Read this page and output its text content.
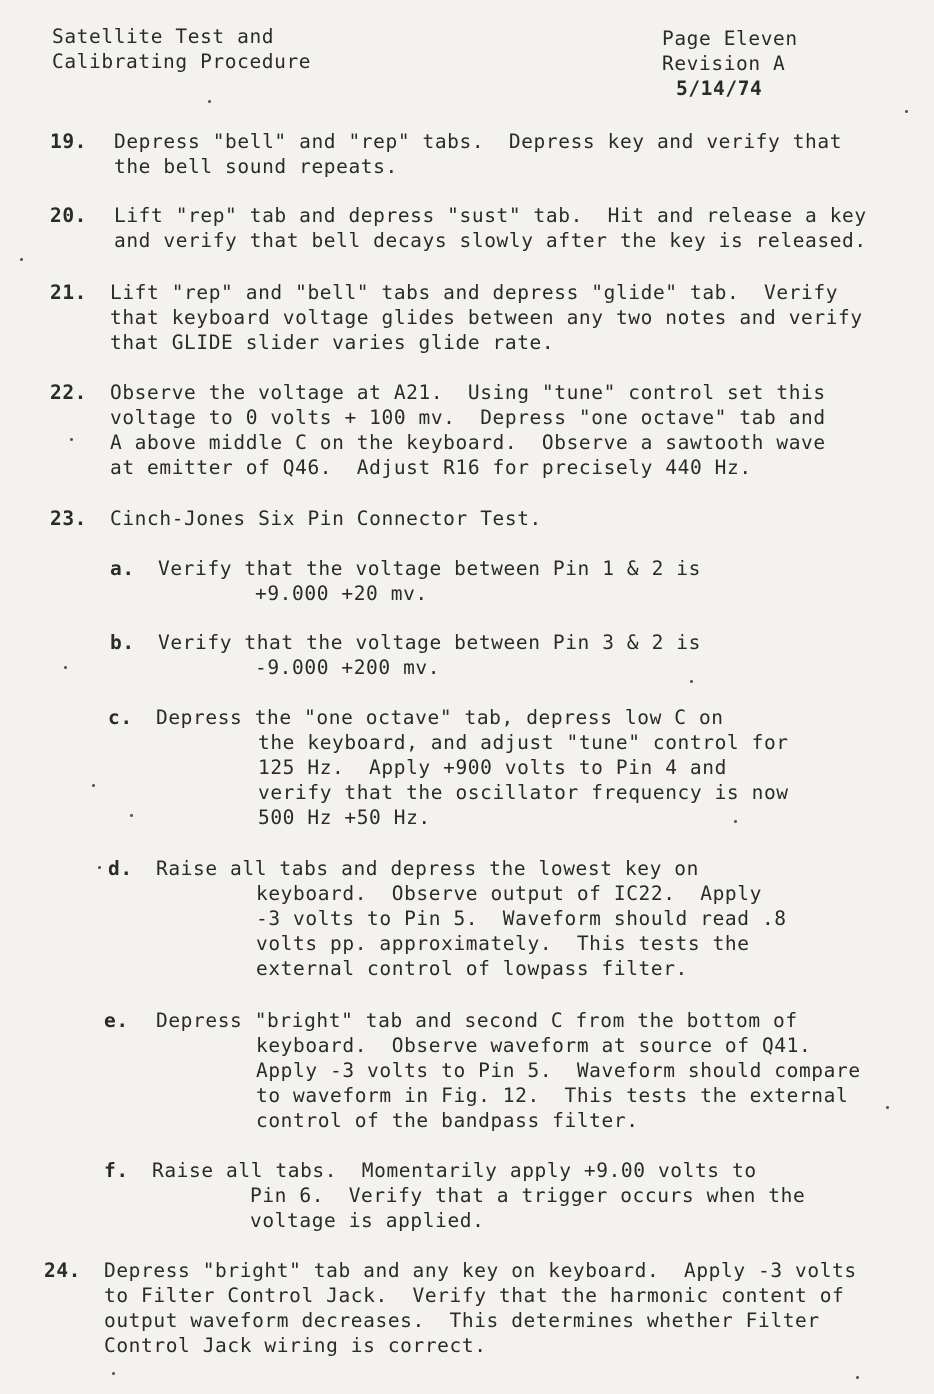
Satellite Test and
Calibrating Procedure
Page Eleven
Revision A
5/14/74
19. Depress "bell" and "rep" tabs.  Depress key and verify that
the bell sound repeats.
20. Lift "rep" tab and depress "sust" tab.  Hit and release a key
and verify that bell decays slowly after the key is released.
21. Lift "rep" and "bell" tabs and depress "glide" tab.  Verify
that keyboard voltage glides between any two notes and verify
that GLIDE slider varies glide rate.
22. Observe the voltage at A21.  Using "tune" control set this
voltage to 0 volts + 100 mv.  Depress "one octave" tab and
A above middle C on the keyboard.  Observe a sawtooth wave
at emitter of Q46.  Adjust R16 for precisely 440 Hz.
23. Cinch-Jones Six Pin Connector Test.
a. Verify that the voltage between Pin 1 & 2 is
+9.000 +20 mv.
b. Verify that the voltage between Pin 3 & 2 is
-9.000 +200 mv.
c. Depress the "one octave" tab, depress low C on
the keyboard, and adjust "tune" control for
125 Hz.  Apply +900 volts to Pin 4 and
verify that the oscillator frequency is now
500 Hz +50 Hz.
d. Raise all tabs and depress the lowest key on
keyboard.  Observe output of IC22.  Apply
-3 volts to Pin 5.  Waveform should read .8
volts pp. approximately.  This tests the
external control of lowpass filter.
e. Depress "bright" tab and second C from the bottom of
keyboard.  Observe waveform at source of Q41.
Apply -3 volts to Pin 5.  Waveform should compare
to waveform in Fig. 12.  This tests the external
control of the bandpass filter.
f. Raise all tabs.  Momentarily apply +9.00 volts to
Pin 6.  Verify that a trigger occurs when the
voltage is applied.
24. Depress "bright" tab and any key on keyboard.  Apply -3 volts
to Filter Control Jack.  Verify that the harmonic content of
output waveform decreases.  This determines whether Filter
Control Jack wiring is correct.
